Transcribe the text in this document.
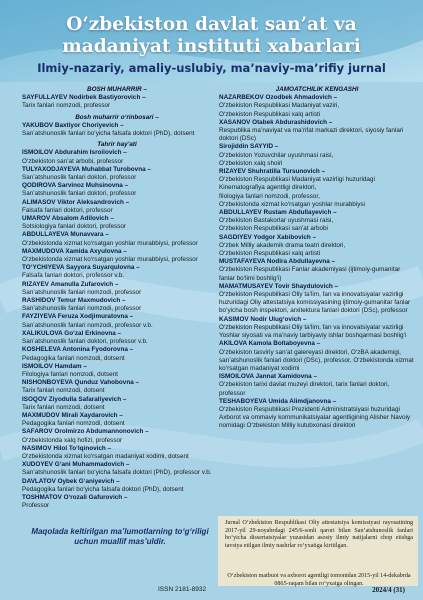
O‘zbekiston davlat san’at va
madaniyat instituti xabarlari
Ilmiy-nazariy, amaliy-uslubiy, ma’naviy-ma’rifiy jurnal
BOSH MUHARRIR –
SAYFULLAYEV Nodirbek Bastiyorovich –
Tarix fanlari nomzodi, professor
Bosh muharrir o‘rinbosari –
YAKUBOV Baxtiyor Choriyevich –
San’atshunoslik fanlari bo‘yicha falsafa doktori (PhD), dotsent
Tahrir hay’ati
ISMOILOV Abdurahim Isroilovich –
O‘zbekiston san’at arbobi, professor
TULYAXODJAYEVA Muhabbat Turobovna –
San’atshunoslik fanlari doktori, professor
QODIROVA Sarvinoz Muhsinovna –
San’atshunoslik fanlari doktori, professor
ALIMASOV Viktor Aleksandrovich –
Falsafa fanlari doktori, professor
UMAROV Absalom Adilovich –
Sotsiologiya fanlari doktori, professor
ABDULLAYEVA Munavvara –
O‘zbekistonda xizmat ko‘rsatgan yoshlar murabbiysi, professor
MAXMUDOVA Xamida Axyulovna –
O‘zbekistonda xizmat ko‘rsatgan yoshlar murabbiysi, professor
TO‘YCHIYEVA Sayyora Suyarqulovna –
Falsafa fanlari doktori, professor v.b.
RIZAYEV Amanulla Zufarovich –
San’atshunoslik fanlari nomzodi, professor
RASHIDOV Temur Maxmudovich –
San’atshunoslik fanlari nomzodi, professor
FAYZIYEVA Feruza Xodjimuratovna –
San’atshunoslik fanlari nomzodi, professor v.b.
XALIKULOVA Go‘zal Erkinovna –
San’atshunoslik fanlari doktori, professor v.b.
KOSHELEVA Antonina Fyodorovna –
Pedagogika fanlari nomzodi, dotsent
ISMOILOV Hamdam –
Filologiya fanlari nomzodi, dotsent
NISHONBOYEVA Qunduz Vahobovna –
Tarix fanlari nomzodi, dotsent
ISOQOV Ziyodulla Safaraliyevich –
Tarix fanlari nomzodi, dotsent
MAXMUDOV Mirali Xaydarovich –
Pedagogika fanlari nomzodi, dotsent
SAFAROV Orolmirzo Abdumannonovich –
O‘zbekistonda xalq hofizi, professor
NASIMOV Hilol To‘lqinovich –
O‘zbekistonda xizmat ko‘rsatgan madaniyat xodimi, dotsent
XUDOYEV G‘ani Muhammadovich –
San’atshunoslik fanlari bo‘yicha falsafa doktori (PhD), professor v.b.
DAVLATOV Oybek G‘aniyevich –
Pedagogika fanlari bo‘yicha falsafa doktori (PhD), dotsent
TOSHMATOV O‘rozali Gafurovich –
Professor
JAMOATCHILIK KENGASHI
NAZARBEKOV Ozodbek Ahmadovich –
O‘zbekiston Respublikasi Madaniyat vaziri,
O‘zbekiston Respublikasi xalq artisti
XASANOV Otabek Abdurashidovich –
Respublika ma’naviyat va ma’rifat markazi direktori, siyosiy fanlari doktori (DSc)
Sirojiddin SAYYID –
O‘zbekiston Yozuvchilar uyushmasi raisi,
O‘zbekiston xalq shoiri
RIZAYEV Shuhratilla Tursunovich –
O‘zbekiston Respublikasi Madaniyat vazirligi huzuridagi Kinematografiya agentligi direktori,
filologiya fanlari nomzodi, professor,
O‘zbekistonda xizmat ko‘rsatgan yoshlar murabbiysi
ABDULLAYEV Rustam Abdullayevich –
O‘zbekiston Bastakorlar uyushmasi raisi,
O‘zbekiston Respublikasi san’at arbobi
SAGDIYEV Yodgor Xabibovich –
O‘zbek Milliy akademik drama teatri direktori,
O‘zbekiston Respublikasi xalq artisti
MUSTAFAYEVA Nodira Abdullayevna –
O‘zbekiston Respublikasi Fanlar akademiyasi (ijtimoiy-gumanitar fanlar bo‘limi boshlig‘i)
MAMATMUSAYEV Tovir Shaydulovich –
O‘zbekiston Respublikasi Oliy ta’lim, fan va innovatsiyalar vazirligi huzuridagi Oliy attestatsiya komissiyasining ijtimoiy-gumanitar fanlar bo‘yicha bosh inspektori, arxitektura fanlari doktori (DSc), professor
KASIMOV Nodir Ulug‘ovich –
O‘zbekiston Respublikasi Oliy ta’lim, fan va innovatsiyalar vazirligi Yoshlar siyosati va ma’naviy tarbiyaviy ishlar boshqarmasi boshlig‘i
AKILOVA Kamola Boltaboyevna –
O‘zbekiston tasviriy san’at galereyasi direktori, O‘zBA akademigi, san’atshunoslik fanlari doktori (DSc), professor, O‘zbekistonda xizmat ko‘rsatgan madaniyat xodimi
ISMOILOVA Jannat Xamidovna –
O‘zbekiston tarixi davlat muzeyi direktori, tarix fanlari doktori, professor
TESHABOYEVA Umida Alimdjanovna –
O‘zbekiston Respublikasi Prezidenti Administratsiyasi huzuridagi Axborot va ommaviy kommunikatsiyalar agentligining Alisher Navoiy nomidagi O‘zbekiston Milliy kutubxonasi direktori
Maqolada keltirilgan ma’lumotlarning to‘g‘riligi uchun muallif mas’uldir.
Jurnal O‘zbekiston Respublikasi Oliy attestatsiya komissiyasi rayosatining 2017-yil 29-noyabrdagi 245/6-sonli qarori bilan San’atshunoslik fanlari bo‘yicha dissertatsiyalar yuzasidan asosiy ilmiy natijalarni chop etishga tavsiya etilgan ilmiy nashrlar ro‘yxatiga kiritilgan.
O‘zbekiston matbuot va axborot agentligi tomonidan 2015-yil 14-dekabrda 0865-raqam bilan ro‘yxatga olingan.
ISSN 2181-8932	2024/4 (31)
